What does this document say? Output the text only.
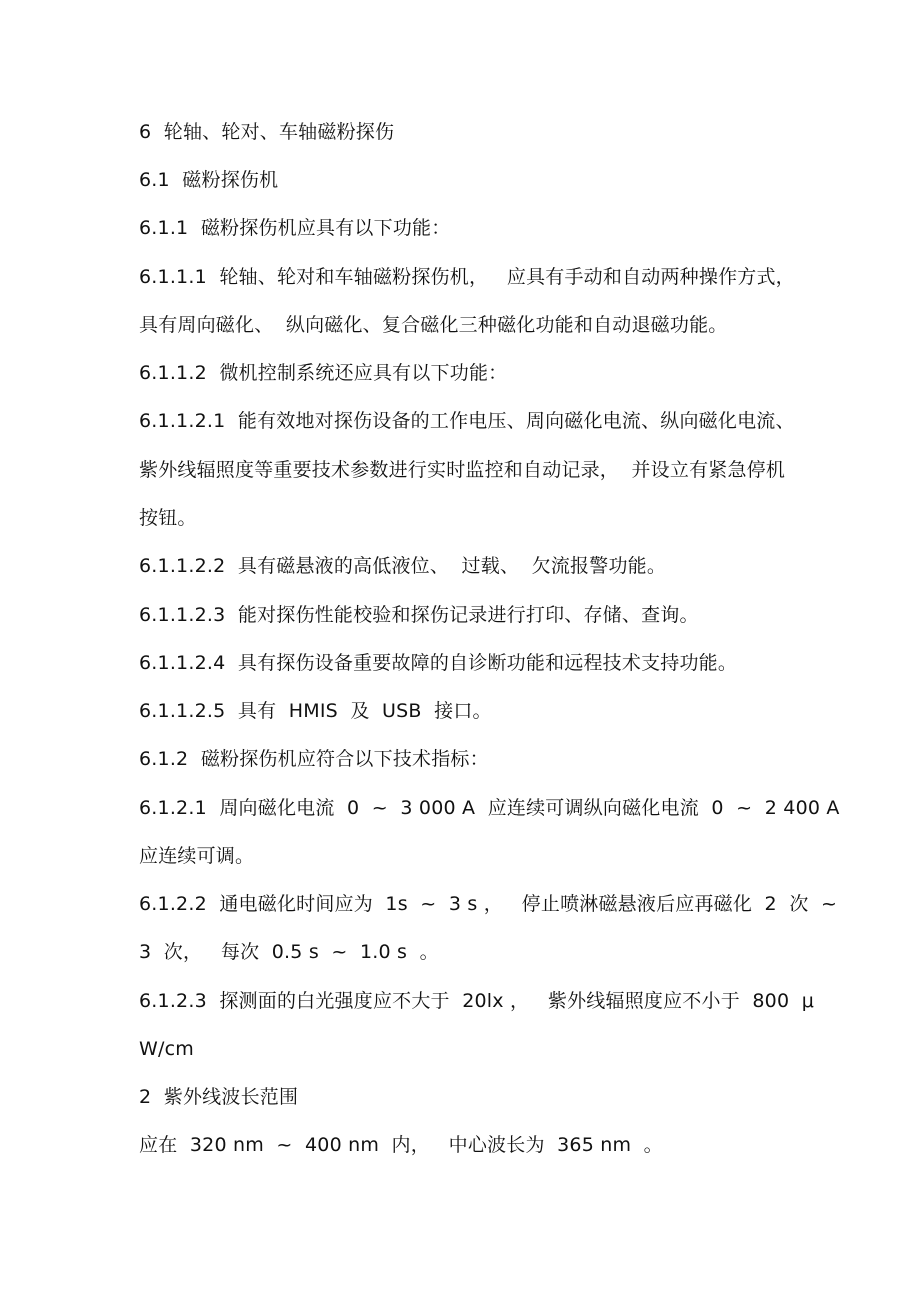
6  轮轴、轮对、车轴磁粉探伤
6.1  磁粉探伤机
6.1.1  磁粉探伤机应具有以下功能：
6.1.1.1  轮轴、轮对和车轴磁粉探伤机，   应具有手动和自动两种操作方式，
具有周向磁化、  纵向磁化、复合磁化三种磁化功能和自动退磁功能。
6.1.1.2  微机控制系统还应具有以下功能：
6.1.1.2.1  能有效地对探伤设备的工作电压、周向磁化电流、纵向磁化电流、
紫外线辐照度等重要技术参数进行实时监控和自动记录，  并设立有紧急停机
按钮。
6.1.1.2.2  具有磁悬液的高低液位、  过载、  欠流报警功能。
6.1.1.2.3  能对探伤性能校验和探伤记录进行打印、存储、查询。
6.1.1.2.4  具有探伤设备重要故障的自诊断功能和远程技术支持功能。
6.1.1.2.5  具有  HMIS  及  USB  接口。
6.1.2  磁粉探伤机应符合以下技术指标：
6.1.2.1  周向磁化电流  0  ~  3 000 A  应连续可调纵向磁化电流  0  ~  2 400 A
应连续可调。
6.1.2.2  通电磁化时间应为  1s  ~  3 s ，   停止喷淋磁悬液后应再磁化  2  次  ~
3  次，   每次  0.5 s  ~  1.0 s  。
6.1.2.3  探测面的白光强度应不大于  20lx ，   紫外线辐照度应不小于  800  μ
W/cm
2  紫外线波长范围
应在  320 nm  ~  400 nm  内，   中心波长为  365 nm  。
